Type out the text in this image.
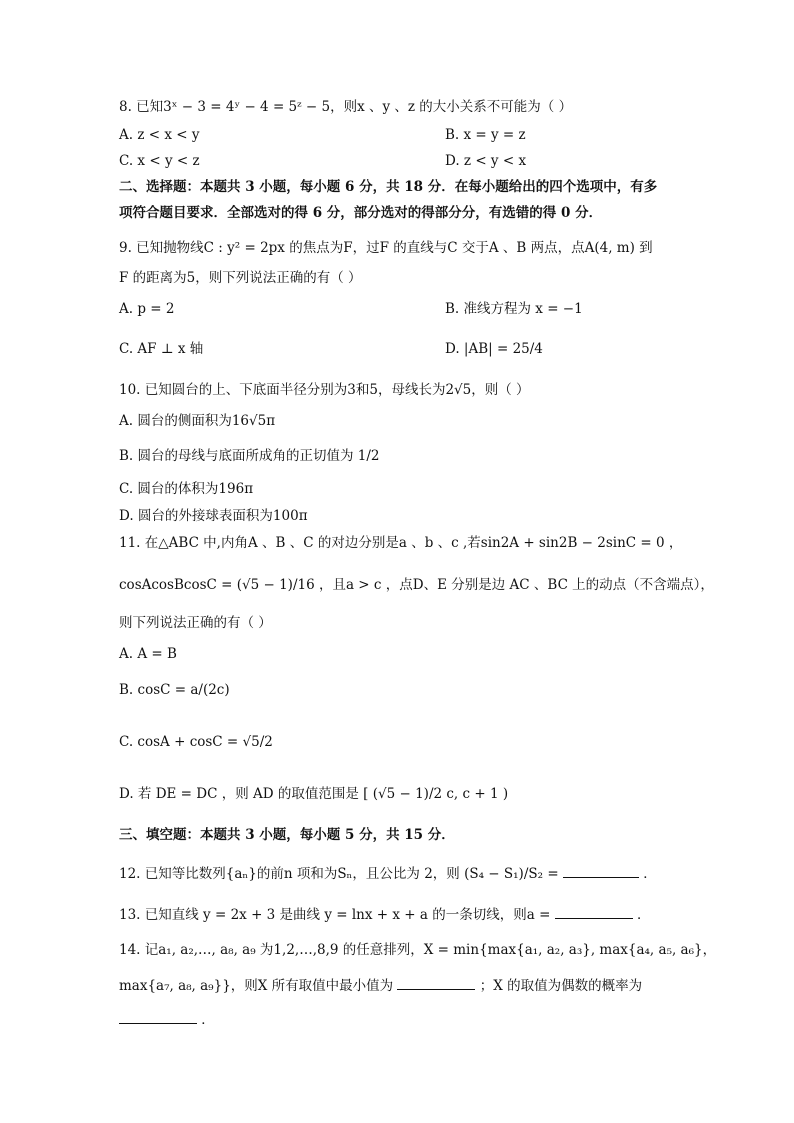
8. 已知3ˣ − 3 = 4ʸ − 4 = 5ᶻ − 5，则x 、y 、z 的大小关系不可能为（ ）
A. z < x < y	B. x = y = z
C. x < y < z	D. z < y < x
二、选择题：本题共 3 小题，每小题 6 分，共 18 分．在每小题给出的四个选项中，有多
项符合题目要求．全部选对的得 6 分，部分选对的得部分分，有选错的得 0 分．
9. 已知抛物线C : y² = 2px 的焦点为F，过F 的直线与C 交于A 、B 两点，点A(4, m) 到
F 的距离为5，则下列说法正确的有（ ）
A. p = 2	B. 准线方程为 x = −1
C. AF ⊥ x 轴	D. |AB| = 25/4
10. 已知圆台的上、下底面半径分别为3和5，母线长为2√5，则（ ）
A. 圆台的侧面积为16√5π
B. 圆台的母线与底面所成角的正切值为 1/2
C. 圆台的体积为196π
D. 圆台的外接球表面积为100π
11. 在△ABC 中,内角A 、B 、C 的对边分别是a 、b 、c ,若sin2A + sin2B − 2sinC = 0 ，
cosAcosBcosC = (√5 − 1)/16 ，且a > c ，点D、E 分别是边 AC 、BC 上的动点（不含端点），
则下列说法正确的有（ ）
A. A = B
B. cosC = a/(2c)
C. cosA + cosC = √5/2
D. 若 DE = DC ，则 AD 的取值范围是 [ (√5 − 1)/2 c, c + 1 )
三、填空题：本题共 3 小题，每小题 5 分，共 15 分．
12. 已知等比数列{aₙ}的前n 项和为Sₙ，且公比为 2，则 (S₄ − S₁)/S₂ =	．
13. 已知直线 y = 2x + 3 是曲线 y = lnx + x + a 的一条切线，则a =	．
14. 记a₁, a₂,…, a₈, a₉ 为1,2,…,8,9 的任意排列，X = min{max{a₁, a₂, a₃}, max{a₄, a₅, a₆}，
max{a₇, a₈, a₉}}，则X 所有取值中最小值为	；X 的取值为偶数的概率为
．
